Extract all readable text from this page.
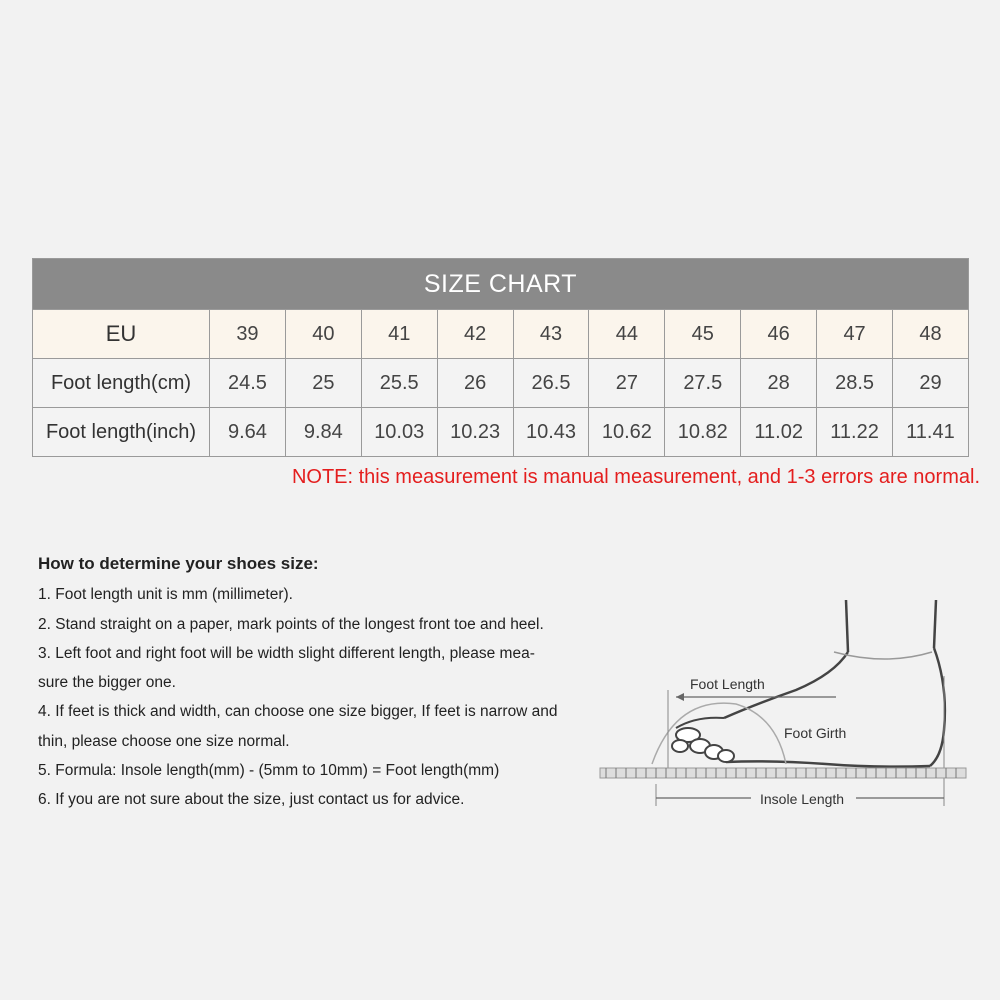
SIZE CHART										
EU	39	40	41	42	43	44	45	46	47	48
Foot length(cm)	24.5	25	25.5	26	26.5	27	27.5	28	28.5	29
Foot length(inch)	9.64	9.84	10.03	10.23	10.43	10.62	10.82	11.02	11.22	11.41
NOTE: this measurement is manual measurement, and 1-3 errors are normal.
How to determine your shoes size:

1. Foot length unit is mm (millimeter).

2. Stand straight on a paper, mark points of the longest front toe and heel.

3. Left foot and right foot will be width slight different length, please mea-

sure the bigger one.

4. If feet is thick and width, can choose one size bigger, If feet is narrow and

thin, please choose one size normal.

5. Formula: Insole length(mm) - (5mm to 10mm) = Foot length(mm)

6. If you are not sure about the size, just contact us for advice.

Foot Length
Foot Girth
Insole Length
